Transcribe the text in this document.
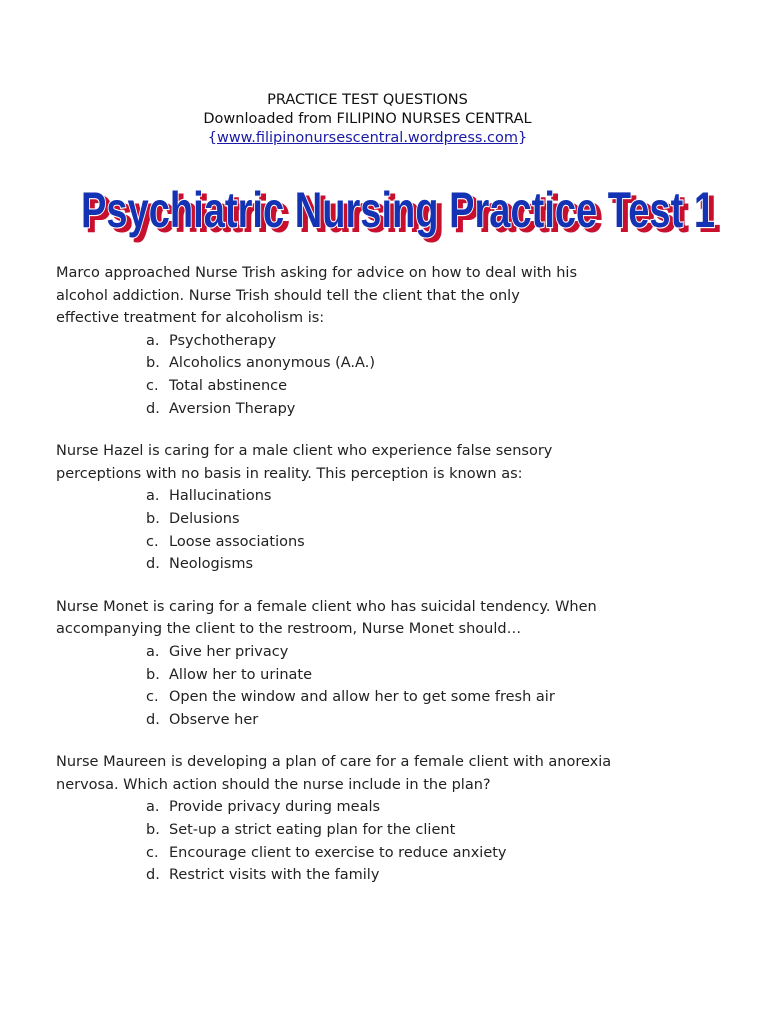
PRACTICE TEST QUESTIONS
Downloaded from FILIPINO NURSES CENTRAL
{www.filipinonursescentral.wordpress.com}
Psychiatric Nursing Practice Test 1
Psychiatric Nursing Practice Test 1
Marco approached Nurse Trish asking for advice on how to deal with his
alcohol addiction. Nurse Trish should tell the client that the only
effective treatment for alcoholism is:
a. Psychotherapy
b. Alcoholics anonymous (A.A.)
c. Total abstinence
d. Aversion Therapy
Nurse Hazel is caring for a male client who experience false sensory
perceptions with no basis in reality. This perception is known as:
a. Hallucinations
b. Delusions
c. Loose associations
d. Neologisms
Nurse Monet is caring for a female client who has suicidal tendency. When
accompanying the client to the restroom, Nurse Monet should…
a. Give her privacy
b. Allow her to urinate
c. Open the window and allow her to get some fresh air
d. Observe her
Nurse Maureen is developing a plan of care for a female client with anorexia
nervosa. Which action should the nurse include in the plan?
a. Provide privacy during meals
b. Set-up a strict eating plan for the client
c. Encourage client to exercise to reduce anxiety
d. Restrict visits with the family
